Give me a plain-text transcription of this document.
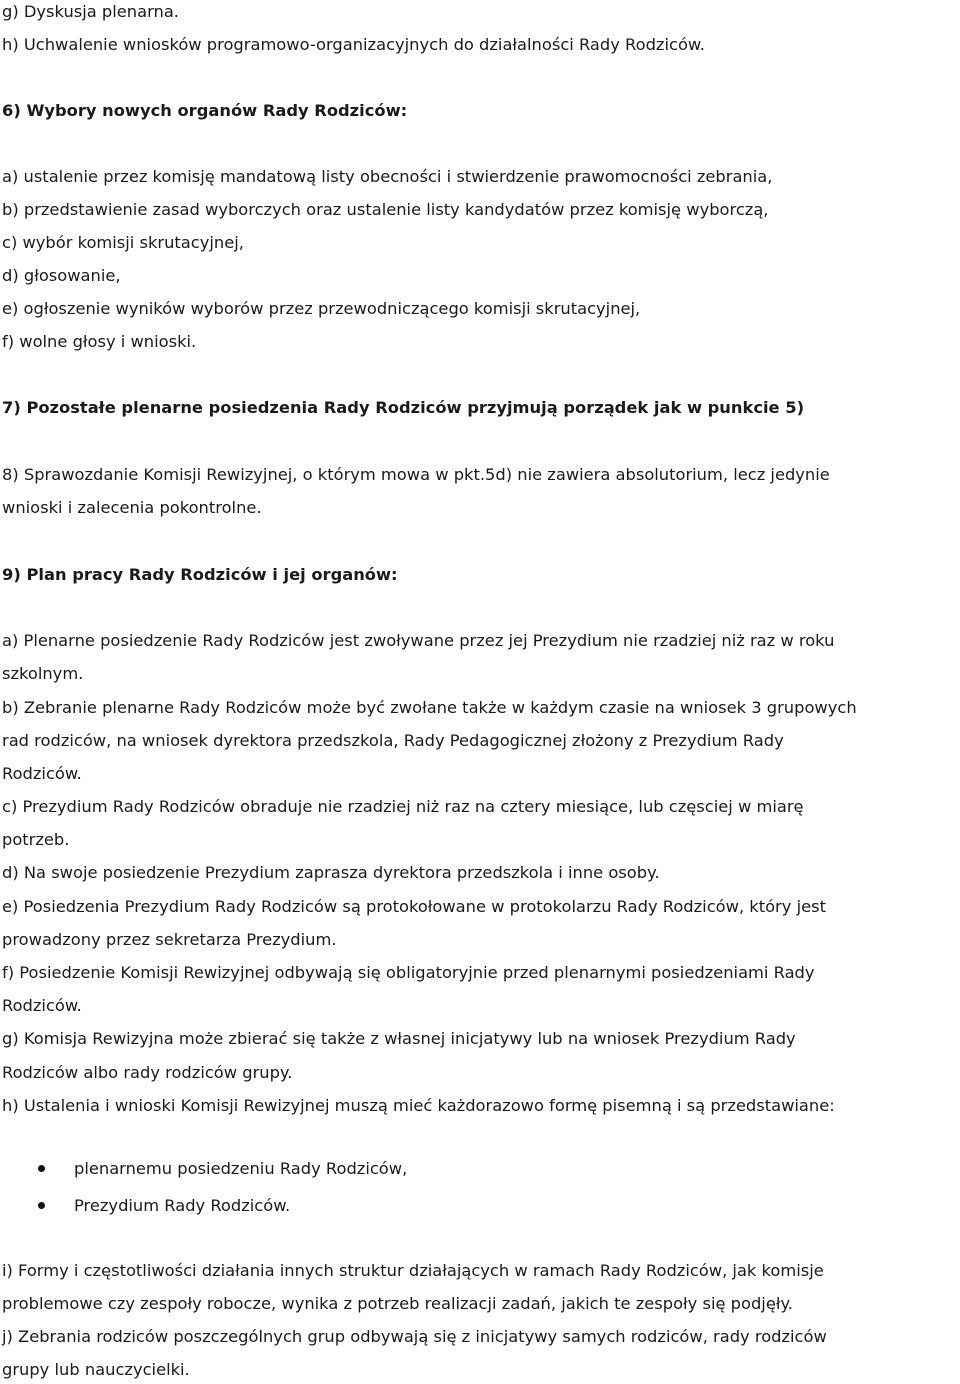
g) Dyskusja plenarna.
h) Uchwalenie wniosków programowo-organizacyjnych do działalności Rady Rodziców.
6) Wybory nowych organów Rady Rodziców:
a) ustalenie przez komisję mandatową listy obecności i stwierdzenie prawomocności zebrania,
b) przedstawienie zasad wyborczych oraz ustalenie listy kandydatów przez komisję wyborczą,
c) wybór komisji skrutacyjnej,
d) głosowanie,
e) ogłoszenie wyników wyborów przez przewodniczącego komisji skrutacyjnej,
f) wolne głosy i wnioski.
7) Pozostałe plenarne posiedzenia Rady Rodziców przyjmują porządek jak w punkcie 5)
8) Sprawozdanie Komisji Rewizyjnej, o którym mowa w pkt.5d) nie zawiera absolutorium, lecz jedynie
wnioski i zalecenia pokontrolne.
9) Plan pracy Rady Rodziców i jej organów:
a) Plenarne posiedzenie Rady Rodziców jest zwoływane przez jej Prezydium nie rzadziej niż raz w roku
szkolnym.
b) Zebranie plenarne Rady Rodziców może być zwołane także w każdym czasie na wniosek 3 grupowych
rad rodziców, na wniosek dyrektora przedszkola, Rady Pedagogicznej złożony z Prezydium Rady
Rodziców.
c) Prezydium Rady Rodziców obraduje nie rzadziej niż raz na cztery miesiące, lub częsciej w miarę
potrzeb.
d) Na swoje posiedzenie Prezydium zaprasza dyrektora przedszkola i inne osoby.
e) Posiedzenia Prezydium Rady Rodziców są protokołowane w protokolarzu Rady Rodziców, który jest
prowadzony przez sekretarza Prezydium.
f) Posiedzenie Komisji Rewizyjnej odbywają się obligatoryjnie przed plenarnymi posiedzeniami Rady
Rodziców.
g) Komisja Rewizyjna może zbierać się także z własnej inicjatywy lub na wniosek Prezydium Rady
Rodziców albo rady rodziców grupy.
h) Ustalenia i wnioski Komisji Rewizyjnej muszą mieć każdorazowo formę pisemną i są przedstawiane:
plenarnemu posiedzeniu Rady Rodziców,
Prezydium Rady Rodziców.
i) Formy i częstotliwości działania innych struktur działających w ramach Rady Rodziców, jak komisje
problemowe czy zespoły robocze, wynika z potrzeb realizacji zadań, jakich te zespoły się podjęły.
j) Zebrania rodziców poszczególnych grup odbywają się z inicjatywy samych rodziców, rady rodziców
grupy lub nauczycielki.
